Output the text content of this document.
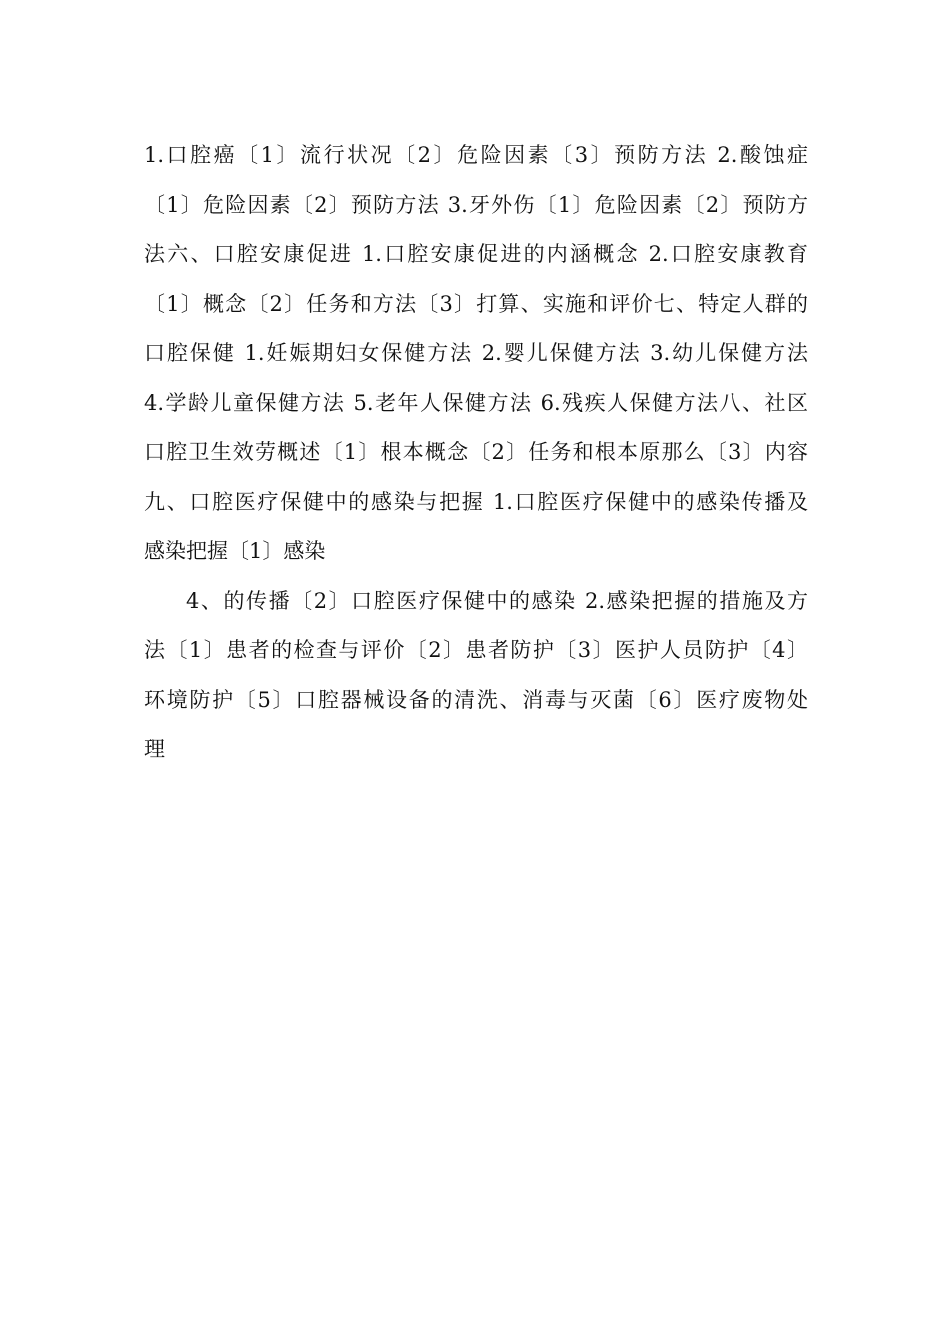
1.口腔癌〔1〕流行状况〔2〕危险因素〔3〕预防方法 2.酸蚀症
〔1〕危险因素〔2〕预防方法 3.牙外伤〔1〕危险因素〔2〕预防方
法六、口腔安康促进 1.口腔安康促进的内涵概念 2.口腔安康教育
〔1〕概念〔2〕任务和方法〔3〕打算、实施和评价七、特定人群的
口腔保健 1.妊娠期妇女保健方法 2.婴儿保健方法 3.幼儿保健方法
4.学龄儿童保健方法 5.老年人保健方法 6.残疾人保健方法八、社区
口腔卫生效劳概述〔1〕根本概念〔2〕任务和根本原那么〔3〕内容
九、口腔医疗保健中的感染与把握 1.口腔医疗保健中的感染传播及
感染把握〔1〕感染
4、的传播〔2〕口腔医疗保健中的感染 2.感染把握的措施及方
法〔1〕患者的检查与评价〔2〕患者防护〔3〕医护人员防护〔4〕
环境防护〔5〕口腔器械设备的清洗、消毒与灭菌〔6〕医疗废物处
理
